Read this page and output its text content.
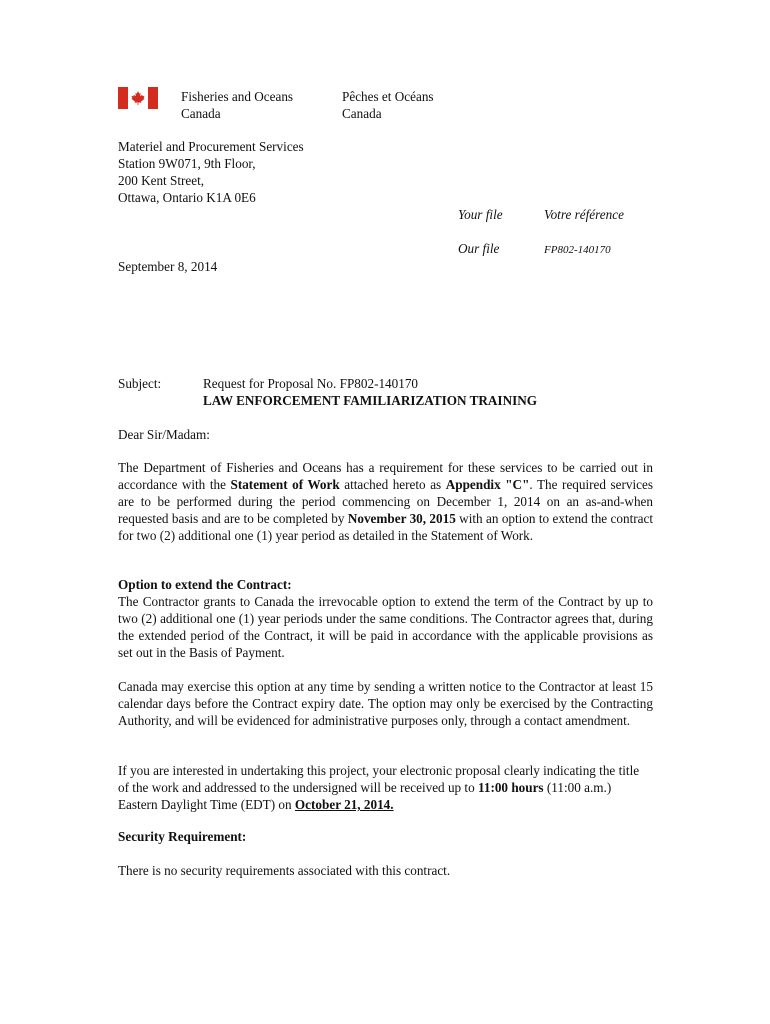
Fisheries and Oceans
Canada
Pêches et Océans
Canada
Materiel and Procurement Services
Station 9W071, 9th Floor,
200 Kent Street,
Ottawa, Ontario K1A 0E6
Your file	Votre référence
Our file	FP802-140170
September 8, 2014
Subject:	Request for Proposal No. FP802-140170
LAW ENFORCEMENT FAMILIARIZATION TRAINING
Dear Sir/Madam:
The Department of Fisheries and Oceans has a requirement for these services to be carried out in accordance with the Statement of Work attached hereto as Appendix "C". The required services are to be performed during the period commencing on December 1, 2014 on an as-and-when requested basis and are to be completed by November 30, 2015 with an option to extend the contract for two (2) additional one (1) year period as detailed in the Statement of Work.
Option to extend the Contract:
The Contractor grants to Canada the irrevocable option to extend the term of the Contract by up to two (2) additional one (1) year periods under the same conditions. The Contractor agrees that, during the extended period of the Contract, it will be paid in accordance with the applicable provisions as set out in the Basis of Payment.
Canada may exercise this option at any time by sending a written notice to the Contractor at least 15 calendar days before the Contract expiry date. The option may only be exercised by the Contracting Authority, and will be evidenced for administrative purposes only, through a contact amendment.
If you are interested in undertaking this project, your electronic proposal clearly indicating the title of the work and addressed to the undersigned will be received up to 11:00 hours (11:00 a.m.) Eastern Daylight Time (EDT) on October 21, 2014.
Security Requirement:
There is no security requirements associated with this contract.
